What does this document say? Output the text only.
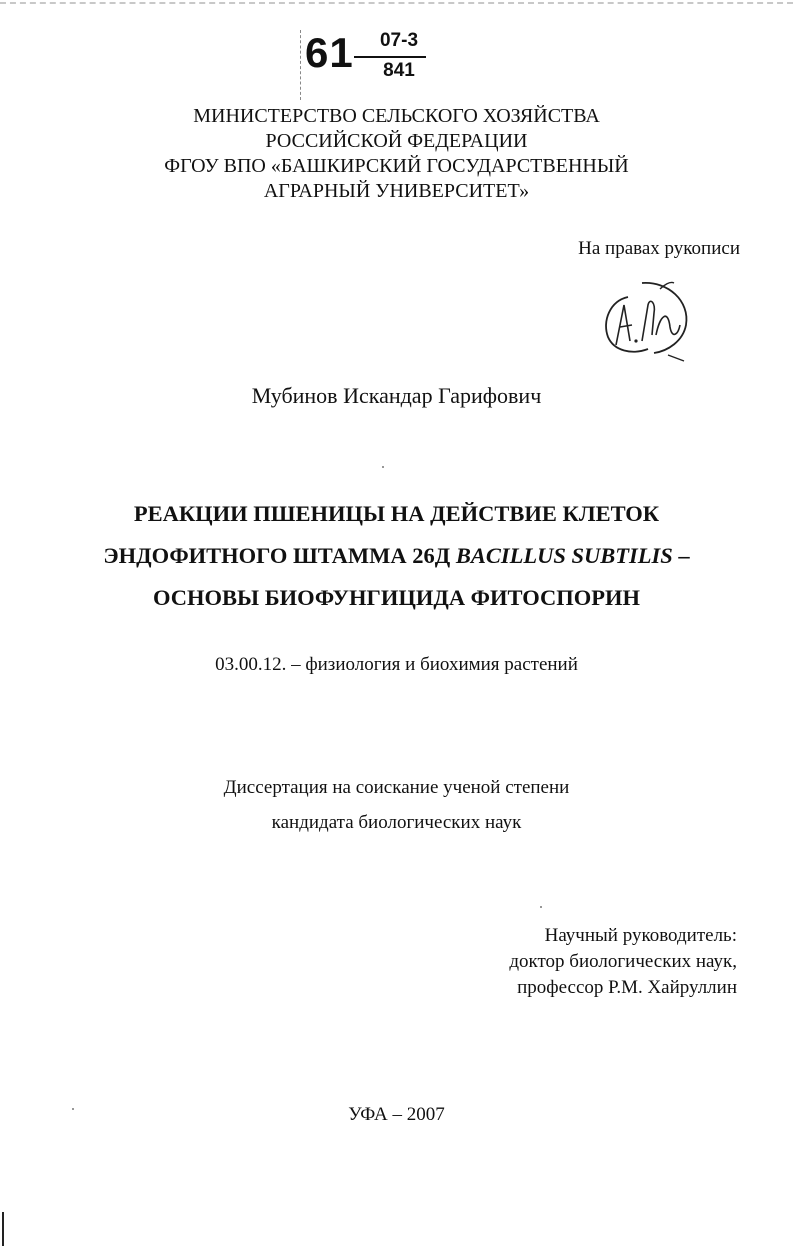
61	07-3
841
МИНИСТЕРСТВО СЕЛЬСКОГО ХОЗЯЙСТВА
РОССИЙСКОЙ ФЕДЕРАЦИИ
ФГОУ ВПО «БАШКИРСКИЙ ГОСУДАРСТВЕННЫЙ
АГРАРНЫЙ УНИВЕРСИТЕТ»
На правах рукописи
Мубинов Искандар Гарифович
РЕАКЦИИ ПШЕНИЦЫ НА ДЕЙСТВИЕ КЛЕТОК
ЭНДОФИТНОГО ШТАММА 26Д BACILLUS SUBTILIS –
ОСНОВЫ БИОФУНГИЦИДА ФИТОСПОРИН
03.00.12. – физиология и биохимия растений
Диссертация на соискание ученой степени
кандидата биологических наук
Научный руководитель:
доктор биологических наук,
профессор Р.М. Хайруллин
УФА – 2007
